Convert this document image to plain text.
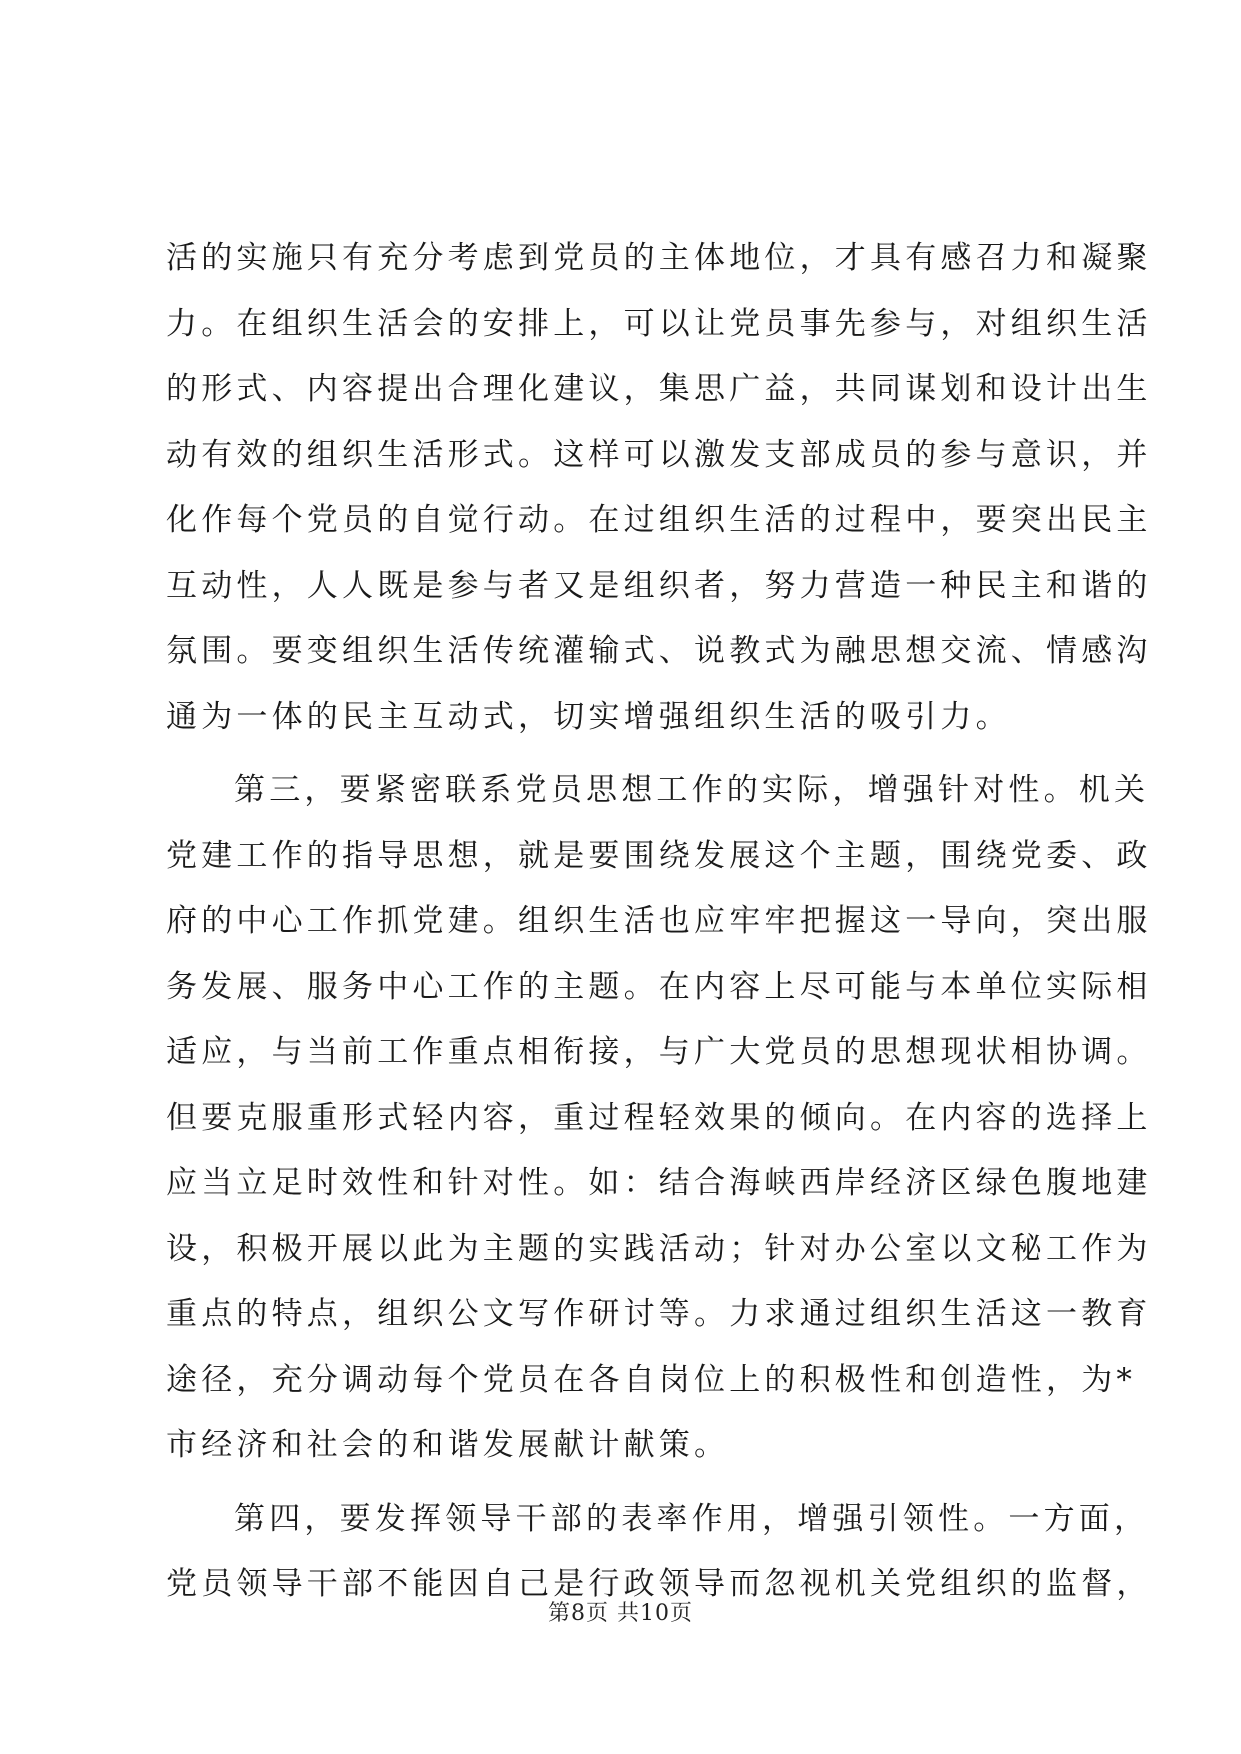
活的实施只有充分考虑到党员的主体地位，才具有感召力和凝聚
力。在组织生活会的安排上，可以让党员事先参与，对组织生活
的形式、内容提出合理化建议，集思广益，共同谋划和设计出生
动有效的组织生活形式。这样可以激发支部成员的参与意识，并
化作每个党员的自觉行动。在过组织生活的过程中，要突出民主
互动性，人人既是参与者又是组织者，努力营造一种民主和谐的
氛围。要变组织生活传统灌输式、说教式为融思想交流、情感沟
通为一体的民主互动式，切实增强组织生活的吸引力。
第三，要紧密联系党员思想工作的实际，增强针对性。机关
党建工作的指导思想，就是要围绕发展这个主题，围绕党委、政
府的中心工作抓党建。组织生活也应牢牢把握这一导向，突出服
务发展、服务中心工作的主题。在内容上尽可能与本单位实际相
适应，与当前工作重点相衔接，与广大党员的思想现状相协调。
但要克服重形式轻内容，重过程轻效果的倾向。在内容的选择上
应当立足时效性和针对性。如：结合海峡西岸经济区绿色腹地建
设，积极开展以此为主题的实践活动；针对办公室以文秘工作为
重点的特点，组织公文写作研讨等。力求通过组织生活这一教育
途径，充分调动每个党员在各自岗位上的积极性和创造性，为*
市经济和社会的和谐发展献计献策。
第四，要发挥领导干部的表率作用，增强引领性。一方面，
党员领导干部不能因自己是行政领导而忽视机关党组织的监督，
第8页 共10页
